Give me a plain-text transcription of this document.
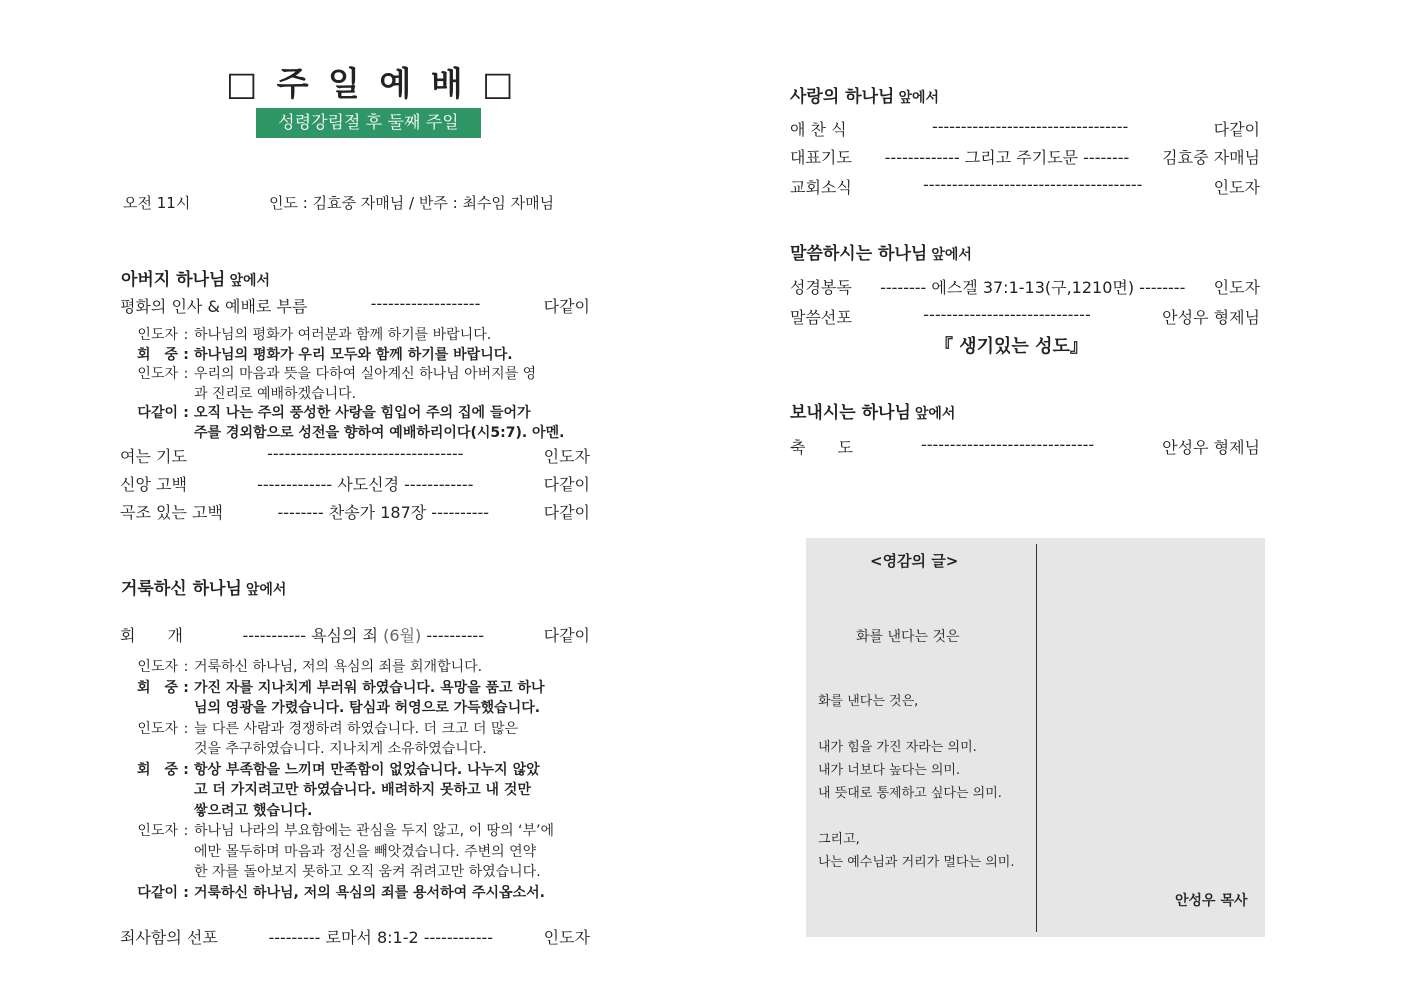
□ 주 일 예 배 □
성령강림절 후 둘째 주일
오전 11시	인도 : 김효중 자매님 / 반주 : 최수임 자매님
아버지 하나님 앞에서
평화의 인사 & 예배로 부름	-------------------	다같이
인도자 : 하나님의 평화가 여러분과 함께 하기를 바랍니다.
회　중 : 하나님의 평화가 우리 모두와 함께 하기를 바랍니다.
인도자 : 우리의 마음과 뜻을 다하여 실아계신 하나님 아버지를 영
과 진리로 예배하겠습니다.
다같이 : 오직 나는 주의 풍성한 사랑을 힘입어 주의 집에 들어가
주를 경외함으로 성전을 향하여 예배하리이다(시5:7). 아멘.
여는 기도	----------------------------------	인도자
신앙 고백	------------- 사도신경 ------------	다같이
곡조 있는 고백	-------- 찬송가 187장 ----------	다같이
거룩하신 하나님 앞에서
회　　개	----------- 욕심의 죄 (6월) ----------	다같이
인도자 : 거룩하신 하나님, 저의 욕심의 죄를 회개합니다.
회　중 : 가진 자를 지나치게 부러워 하였습니다. 욕망을 품고 하나
님의 영광을 가렸습니다. 탐심과 허영으로 가득했습니다.
인도자 : 늘 다른 사람과 경쟁하려 하였습니다. 더 크고 더 많은
것을 추구하였습니다. 지나치게 소유하였습니다.
회　중 : 항상 부족함을 느끼며 만족함이 없었습니다. 나누지 않았
고 더 가지려고만 하였습니다. 배려하지 못하고 내 것만
쌓으려고 했습니다.
인도자 : 하나님 나라의 부요함에는 관심을 두지 않고, 이 땅의 ‘부’에
에만 몰두하며 마음과 정신을 빼앗겼습니다. 주변의 연약
한 자를 돌아보지 못하고 오직 움켜 쥐려고만 하였습니다.
다같이 : 거룩하신 하나님, 저의 욕심의 죄를 용서하여 주시옵소서.
죄사함의 선포	--------- 로마서 8:1-2 ------------	인도자
사랑의 하나님 앞에서
애 찬 식	----------------------------------	다같이
대표기도 ------------- 그리고 주기도문 -------- 김효중 자매님
교회소식	--------------------------------------	인도자
말씀하시는 하나님 앞에서
성경봉독 -------- 에스겔 37:1-13(구,1210면) -------- 인도자
말씀선포	-----------------------------	안성우 형제님
『 생기있는 성도』
보내시는 하나님 앞에서
축　　도	------------------------------	안성우 형제님
<영감의 글>
화를 낸다는 것은
화를 낸다는 것은,
내가 힘을 가진 자라는 의미.
내가 너보다 높다는 의미.
내 뜻대로 통제하고 싶다는 의미.
그리고,
나는 예수님과 거리가 멀다는 의미.
안성우 목사
